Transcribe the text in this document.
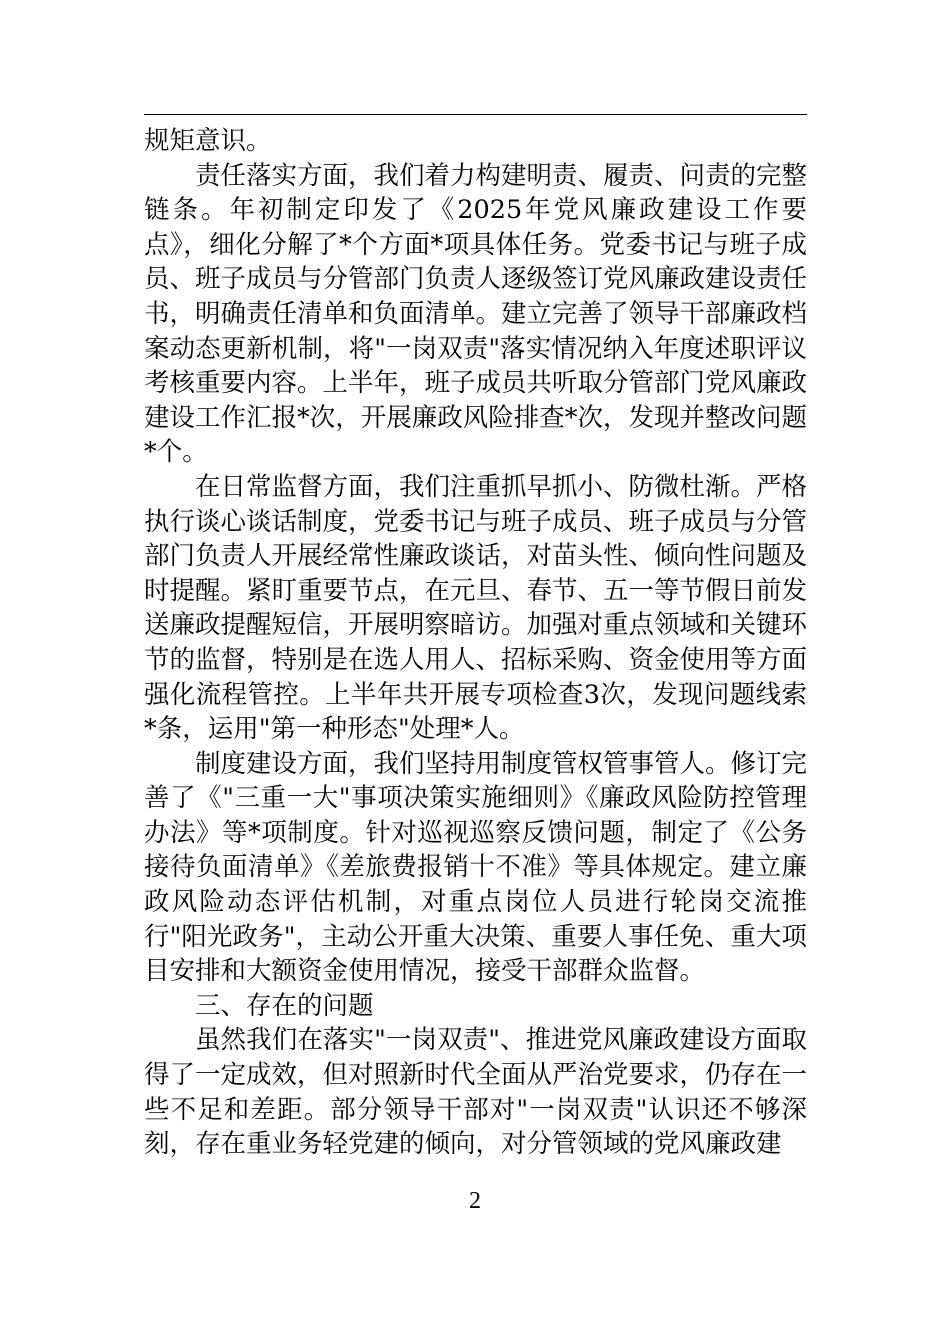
规矩意识。

责任落实方面，我们着力构建明责、履责、问责的完整链条。年初制定印发了《2025年党风廉政建设工作要点》，细化分解了*个方面*项具体任务。党委书记与班子成员、班子成员与分管部门负责人逐级签订党风廉政建设责任书，明确责任清单和负面清单。建立完善了领导干部廉政档案动态更新机制，将"一岗双责"落实情况纳入年度述职评议考核重要内容。上半年，班子成员共听取分管部门党风廉政建设工作汇报*次，开展廉政风险排查*次，发现并整改问题*个。

在日常监督方面，我们注重抓早抓小、防微杜渐。严格执行谈心谈话制度，党委书记与班子成员、班子成员与分管部门负责人开展经常性廉政谈话，对苗头性、倾向性问题及时提醒。紧盯重要节点，在元旦、春节、五一等节假日前发送廉政提醒短信，开展明察暗访。加强对重点领域和关键环节的监督，特别是在选人用人、招标采购、资金使用等方面强化流程管控。上半年共开展专项检查3次，发现问题线索*条，运用"第一种形态"处理*人。

制度建设方面，我们坚持用制度管权管事管人。修订完善了《"三重一大"事项决策实施细则》《廉政风险防控管理办法》等*项制度。针对巡视巡察反馈问题，制定了《公务接待负面清单》《差旅费报销十不准》等具体规定。建立廉政风险动态评估机制，对重点岗位人员进行轮岗交流推行"阳光政务"，主动公开重大决策、重要人事任免、重大项目安排和大额资金使用情况，接受干部群众监督。

三、存在的问题

虽然我们在落实"一岗双责"、推进党风廉政建设方面取得了一定成效，但对照新时代全面从严治党要求，仍存在一些不足和差距。部分领导干部对"一岗双责"认识还不够深刻，存在重业务轻党建的倾向，对分管领域的党风廉政建

2
